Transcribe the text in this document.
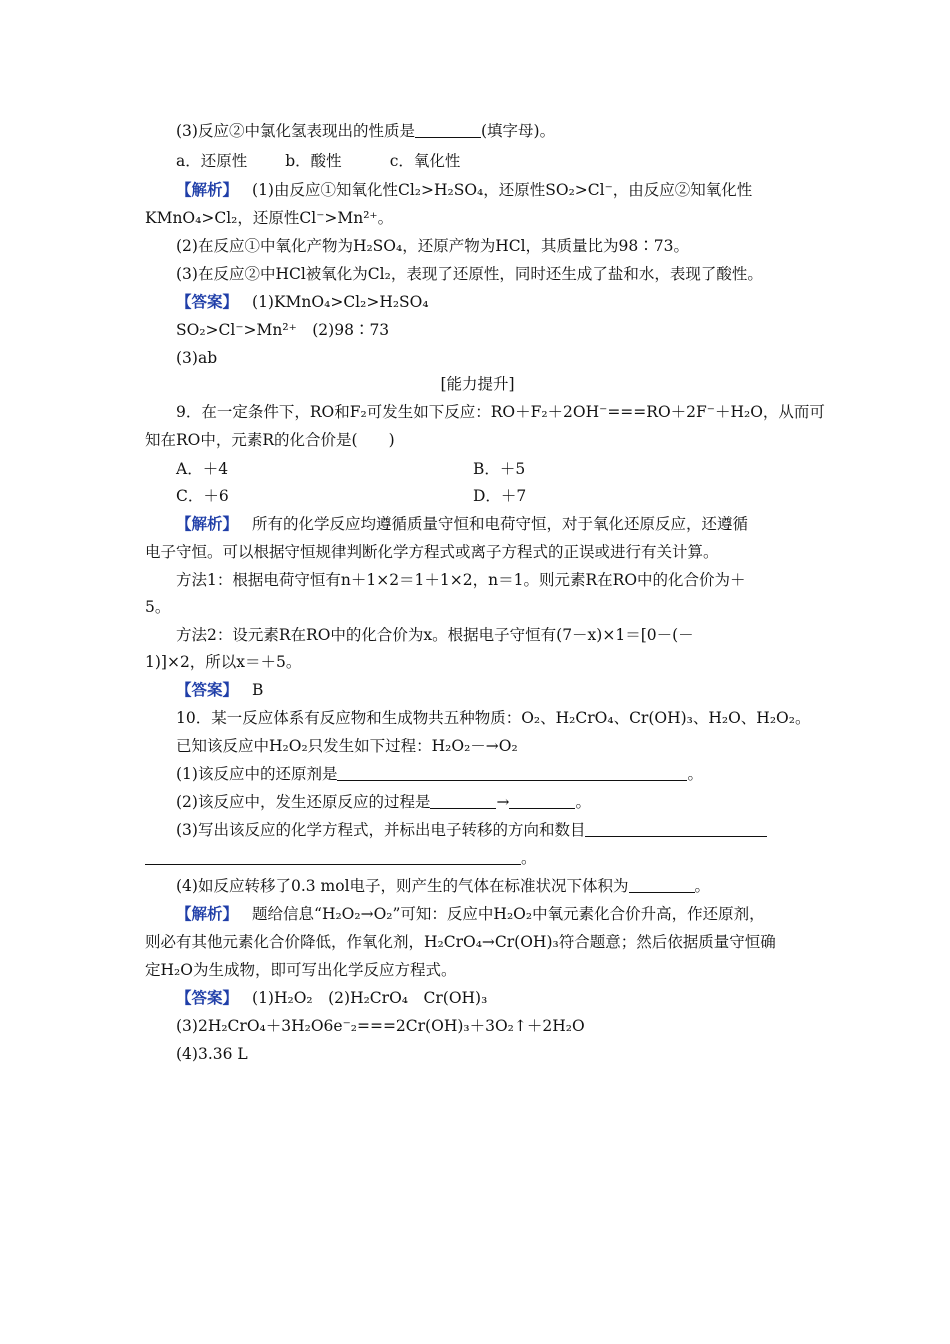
(3)反应②中氯化氢表现出的性质是	(填字母)。
a．还原性 b．酸性	c．氧化性
【解析】 (1)由反应①知氧化性Cl₂>H₂SO₄，还原性SO₂>Cl⁻，由反应②知氧化性
KMnO₄>Cl₂，还原性Cl⁻>Mn²⁺。
(2)在反应①中氧化产物为H₂SO₄，还原产物为HCl，其质量比为98∶73。
(3)在反应②中HCl被氧化为Cl₂，表现了还原性，同时还生成了盐和水，表现了酸性。
【答案】 (1)KMnO₄>Cl₂>H₂SO₄
SO₂>Cl⁻>Mn²⁺　(2)98∶73
(3)ab
[能力提升]
9．在一定条件下，RO和F₂可发生如下反应：RO＋F₂＋2OH⁻===RO＋2F⁻＋H₂O，从而可
知在RO中，元素R的化合价是(　　)
A．＋4	B．＋5
C．＋6	D．＋7
【解析】 所有的化学反应均遵循质量守恒和电荷守恒，对于氧化还原反应，还遵循
电子守恒。可以根据守恒规律判断化学方程式或离子方程式的正误或进行有关计算。
方法1：根据电荷守恒有n＋1×2＝1＋1×2，n＝1。则元素R在RO中的化合价为＋
5。
方法2：设元素R在RO中的化合价为x。根据电子守恒有(7－x)×1＝[0－(－
1)]×2，所以x＝＋5。
【答案】 B
10．某一反应体系有反应物和生成物共五种物质：O₂、H₂CrO₄、Cr(OH)₃、H₂O、H₂O₂。
已知该反应中H₂O₂只发生如下过程：H₂O₂－→O₂
(1)该反应中的还原剂是	。
(2)该反应中，发生还原反应的过程是	→	。
(3)写出该反应的化学方程式，并标出电子转移的方向和数目
。
(4)如反应转移了0.3 mol电子，则产生的气体在标准状况下体积为	。
【解析】 题给信息“H₂O₂→O₂”可知：反应中H₂O₂中氧元素化合价升高，作还原剂，
则必有其他元素化合价降低，作氧化剂，H₂CrO₄→Cr(OH)₃符合题意；然后依据质量守恒确
定H₂O为生成物，即可写出化学反应方程式。
【答案】 (1)H₂O₂　(2)H₂CrO₄　Cr(OH)₃
(3)2H₂CrO₄＋3H₂O6e⁻₂===2Cr(OH)₃＋3O₂↑＋2H₂O
(4)3.36 L
